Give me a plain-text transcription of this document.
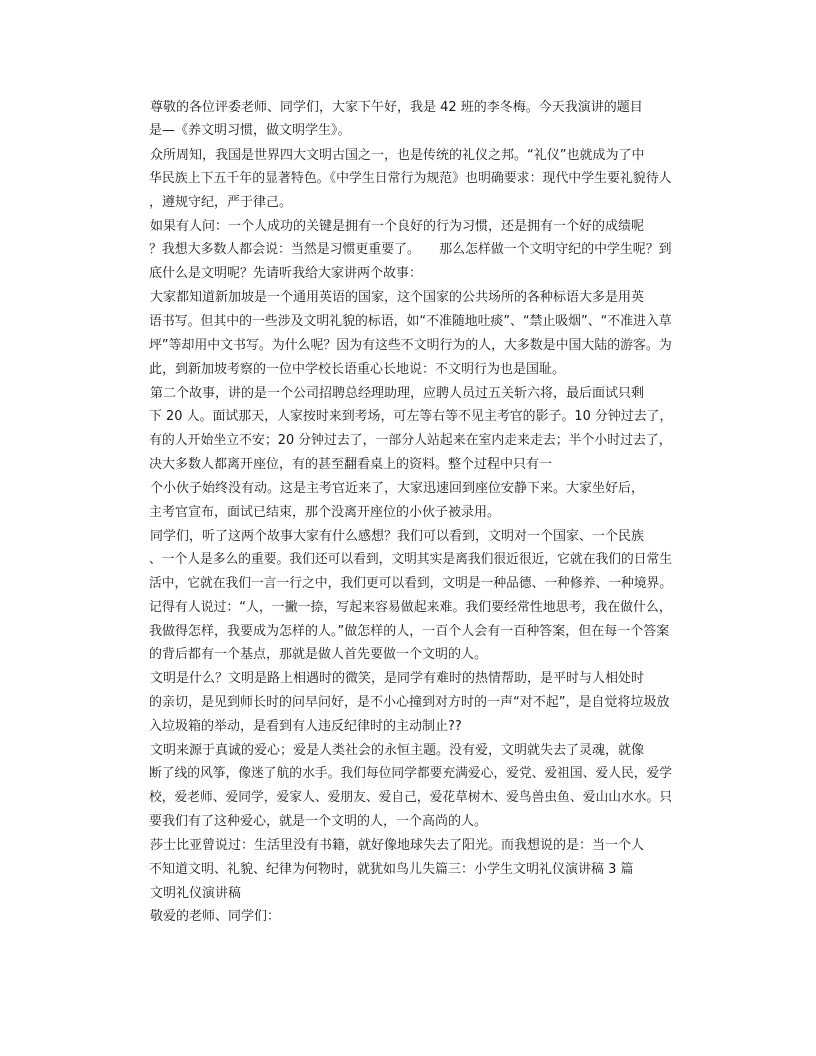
尊敬的各位评委老师、同学们，大家下午好，我是 42 班的李冬梅。今天我演讲的题目
是—《养文明习惯，做文明学生》。
众所周知，我国是世界四大文明古国之一，也是传统的礼仪之邦。“礼仪”也就成为了中
华民族上下五千年的显著特色。《中学生日常行为规范》也明确要求：现代中学生要礼貌待人
，遵规守纪，严于律己。
如果有人问：一个人成功的关键是拥有一个良好的行为习惯，还是拥有一个好的成绩呢
？我想大多数人都会说：当然是习惯更重要了。　　那么怎样做一个文明守纪的中学生呢？到
底什么是文明呢？先请听我给大家讲两个故事：
大家都知道新加坡是一个通用英语的国家，这个国家的公共场所的各种标语大多是用英
语书写。但其中的一些涉及文明礼貌的标语，如“不准随地吐痰”、“禁止吸烟”、“不准进入草
坪”等却用中文书写。为什么呢？因为有这些不文明行为的人，大多数是中国大陆的游客。为
此，到新加坡考察的一位中学校长语重心长地说：不文明行为也是国耻。
第二个故事，讲的是一个公司招聘总经理助理，应聘人员过五关斩六将，最后面试只剩
下 20 人。面试那天，人家按时来到考场，可左等右等不见主考官的影子。10 分钟过去了，
有的人开始坐立不安；20 分钟过去了，一部分人站起来在室内走来走去；半个小时过去了，
决大多数人都离开座位，有的甚至翻看桌上的资料。整个过程中只有一
个小伙子始终没有动。这是主考官近来了，大家迅速回到座位安静下来。大家坐好后，
主考官宣布，面试已结束，那个没离开座位的小伙子被录用。
同学们，听了这两个故事大家有什么感想？我们可以看到，文明对一个国家、一个民族
、一个人是多么的重要。我们还可以看到，文明其实是离我们很近很近，它就在我们的日常生
活中，它就在我们一言一行之中，我们更可以看到，文明是一种品德、一种修养、一种境界。
记得有人说过：“人，一撇一捺，写起来容易做起来难。我们要经常性地思考，我在做什么，
我做得怎样，我要成为怎样的人。”做怎样的人，一百个人会有一百种答案，但在每一个答案
的背后都有一个基点，那就是做人首先要做一个文明的人。
文明是什么？文明是路上相遇时的微笑，是同学有难时的热情帮助，是平时与人相处时
的亲切，是见到师长时的问早问好，是不小心撞到对方时的一声“对不起”，是自觉将垃圾放
入垃圾箱的举动，是看到有人违反纪律时的主动制止??
文明来源于真诚的爱心；爱是人类社会的永恒主题。没有爱，文明就失去了灵魂，就像
断了线的风筝，像迷了航的水手。我们每位同学都要充满爱心，爱党、爱祖国、爱人民，爱学
校，爱老师、爱同学，爱家人、爱朋友、爱自己，爱花草树木、爱鸟兽虫鱼、爱山山水水。只
要我们有了这种爱心，就是一个文明的人，一个高尚的人。
莎士比亚曾说过：生活里没有书籍，就好像地球失去了阳光。而我想说的是：当一个人
不知道文明、礼貌、纪律为何物时，就犹如鸟儿失篇三：小学生文明礼仪演讲稿 3 篇
文明礼仪演讲稿
敬爱的老师、同学们：
